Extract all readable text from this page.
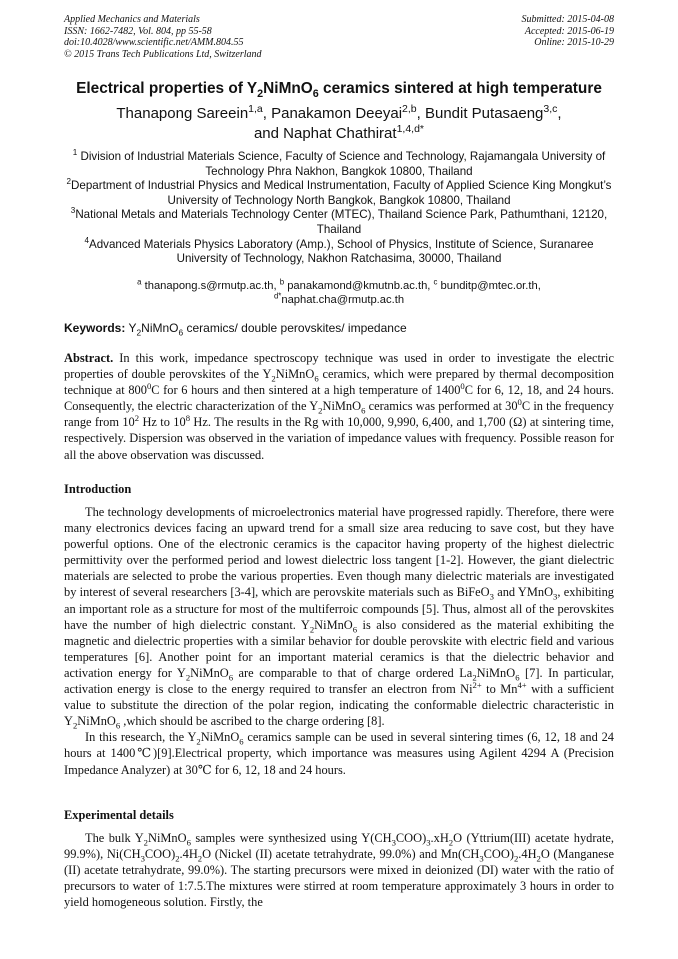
Applied Mechanics and Materials
ISSN: 1662-7482, Vol. 804, pp 55-58
doi:10.4028/www.scientific.net/AMM.804.55
© 2015 Trans Tech Publications Ltd, Switzerland
Submitted: 2015-04-08
Accepted: 2015-06-19
Online: 2015-10-29
Electrical properties of $Y_2NiMnO_6$ ceramics sintered at high temperature
Thanapong Sareein$^{1,a}$, Panakamon Deeyai$^{2,b}$, Bundit Putasaeng$^{3,c}$,
and Naphat Chathirat$^{1,4,d*}$
$^1$ Division of Industrial Materials Science, Faculty of Science and Technology, Rajamangala University of Technology Phra Nakhon, Bangkok 10800, Thailand
$^2$Department of Industrial Physics and Medical Instrumentation, Faculty of Applied Science King Mongkut’s University of Technology North Bangkok, Bangkok 10800, Thailand
$^3$National Metals and Materials Technology Center (MTEC), Thailand Science Park, Pathumthani, 12120, Thailand
$^4$Advanced Materials Physics Laboratory (Amp.), School of Physics, Institute of Science, Suranaree University of Technology, Nakhon Ratchasima, 30000, Thailand
$^a$ thanapong.s@rmutp.ac.th, $^b$ panakamond@kmutnb.ac.th, $^c$ bunditp@mtec.or.th,
$^{d*}$naphat.cha@rmutp.ac.th
Keywords: $Y_2NiMnO_6$ ceramics/ double perovskites/ impedance

Abstract. In this work, impedance spectroscopy technique was used in order to investigate the electric properties of double perovskites of the $Y_2NiMnO_6$ ceramics, which were prepared by thermal decomposition technique at $800^0C$ for 6 hours and then sintered at a high temperature of 1400$^0$C for 6, 12, 18, and 24 hours. Consequently, the electric characterization of the $Y_2NiMnO_6$ ceramics was performed at $30^0C$ in the frequency range from $10^2$ Hz to $10^8$ Hz. The results in the Rg with 10,000, 9,990, 6,400, and 1,700 (Ω) at sintering time, respectively. Dispersion was observed in the variation of impedance values with frequency. Possible reason for all the above observation was discussed.

Introduction

The technology developments of microelectronics material have progressed rapidly. Therefore, there were many electronics devices facing an upward trend for a small size area reducing to save cost, but they have powerful options. One of the electronic ceramics is the capacitor having property of the highest dielectric permittivity over the performed period and lowest dielectric loss tangent [1-2]. However, the giant dielectric materials are selected to probe the various properties. Even though many dielectric materials are investigated by interest of several researchers [3-4], which are perovskite materials such as BiFeO$_3$ and YMnO$_3$, exhibiting an important role as a structure for most of the multiferroic compounds [5]. Thus, almost all of the perovskites have the number of high dielectric constant. $Y_2NiMnO_6$ is also considered as the material exhibiting the magnetic and dielectric properties with a similar behavior for double perovskite with electric field and various temperatures [6]. Another point for an important material ceramics is that the dielectric behavior and activation energy for $Y_2NiMnO_6$ are comparable to that of charge ordered $La_2NiMnO_6$ [7]. In particular, activation energy is close to the energy required to transfer an electron from $Ni^{2+}$ to $Mn^{4+}$ with a sufficient value to substitute the direction of the polar region, indicating the conformable dielectric characteristic in $Y_2NiMnO_6$ ,which should be ascribed to the charge ordering [8].

In this research, the $Y_2NiMnO_6$ ceramics sample can be used in several sintering times (6, 12, 18 and 24 hours at 1400℃)[9].Electrical property, which importance was measures using Agilent 4294 A (Precision Impedance Analyzer) at 30℃ for 6, 12, 18 and 24 hours.

Experimental details

The bulk $Y_2NiMnO_6$ samples were synthesized using $Y(CH_3COO)_3.xH_2O$ (Yttrium(III) acetate hydrate, 99.9%), $Ni(CH_3COO)_2.4H_2O$ (Nickel (II) acetate tetrahydrate, 99.0%) and $Mn(CH_3COO)_2.4H_2O$ (Manganese (II) acetate tetrahydrate, 99.0%). The starting precursors were mixed in deionized (DI) water with the ratio of precursors to water of 1:7.5.The mixtures were stirred at room temperature approximately 3 hours in order to yield homogeneous solution. Firstly, the
